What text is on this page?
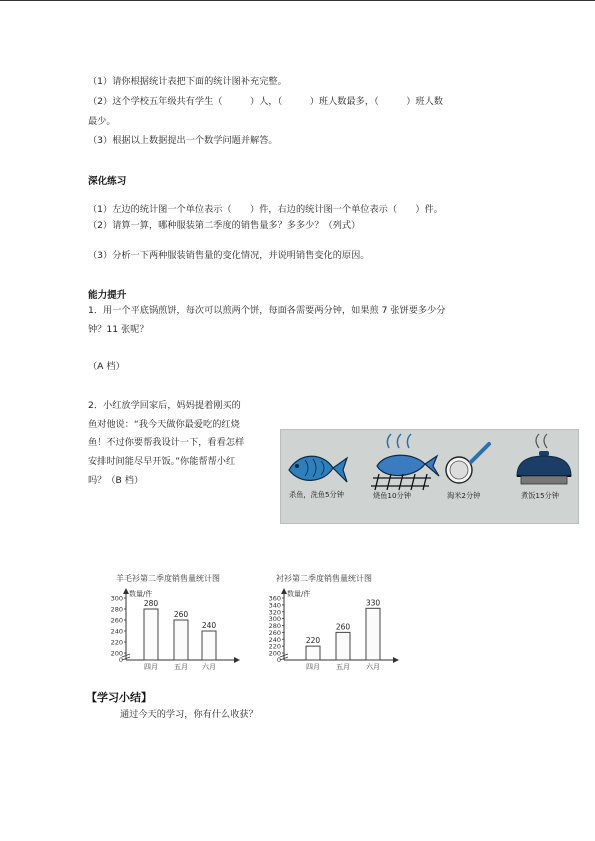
（1）请你根据统计表把下面的统计图补充完整。
（2）这个学校五年级共有学生（　　　）人，（　　　）班人数最多，（　　　）班人数
最少。
（3）根据以上数据提出一个数学问题并解答。
深化练习
（1）左边的统计图一个单位表示（　　）件，右边的统计图一个单位表示（　　）件。
（2）请算一算，哪种服装第二季度的销售量多？多多少？（列式）
（3）分析一下两种服装销售量的变化情况，并说明销售变化的原因。
能力提升
1．用一个平底锅煎饼，每次可以煎两个饼，每面各需要两分钟，如果煎 7 张饼要多少分
钟？11 张呢？
（A 档）
2．小红放学回家后，妈妈提着刚买的
鱼对他说：“我今天做你最爱吃的红烧
鱼！不过你要帮我设计一下，看看怎样
安排时间能尽早开饭。”你能帮帮小红
吗？（B 档）
杀鱼，洗鱼5分钟	烧鱼10分钟	淘米2分钟	煮饭15分钟
羊毛衫第二季度销售量统计图
数量/件
0
200
220
240
260
280
300
280
四月
260
五月
240
六月
衬衫第二季度销售量统计图
数量/件
0
200
220
240
260
280
300
320
340
360
220
四月
260
五月
330
六月
【学习小结】
通过今天的学习，你有什么收获？
